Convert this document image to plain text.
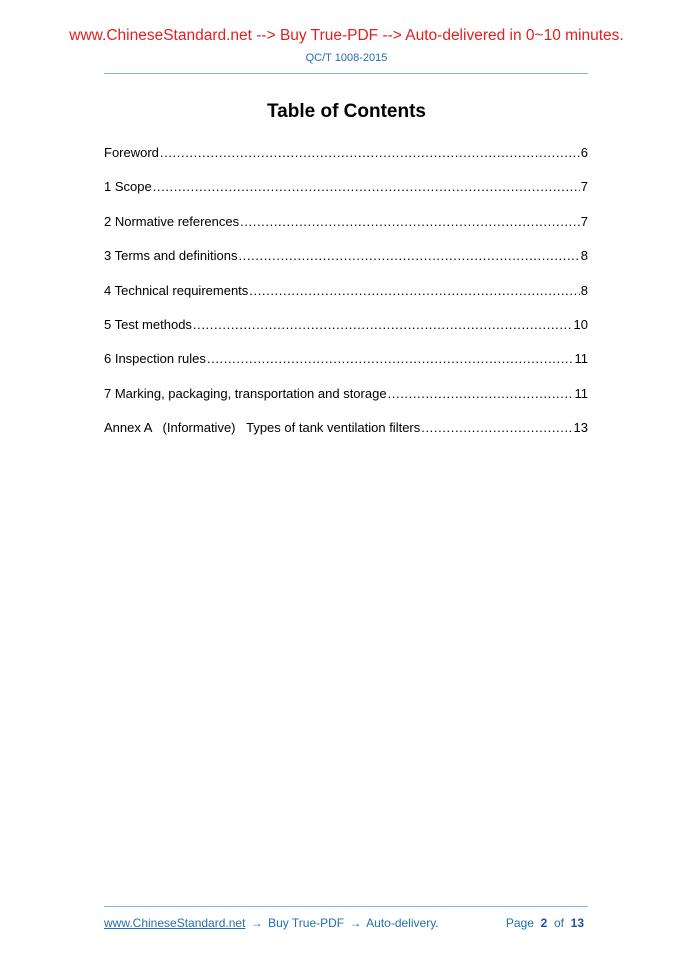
www.ChineseStandard.net --> Buy True-PDF --> Auto-delivered in 0~10 minutes.
QC/T 1008-2015
Table of Contents
Foreword .....	6
1 Scope .....	7
2 Normative references .....	7
3 Terms and definitions .....	8
4 Technical requirements .....	8
5 Test methods .....	10
6 Inspection rules .....	11
7 Marking, packaging, transportation and storage .....	11
Annex A   (Informative)   Types of tank ventilation filters .....	13
www.ChineseStandard.net → Buy True-PDF → Auto-delivery.	Page 2 of 13
